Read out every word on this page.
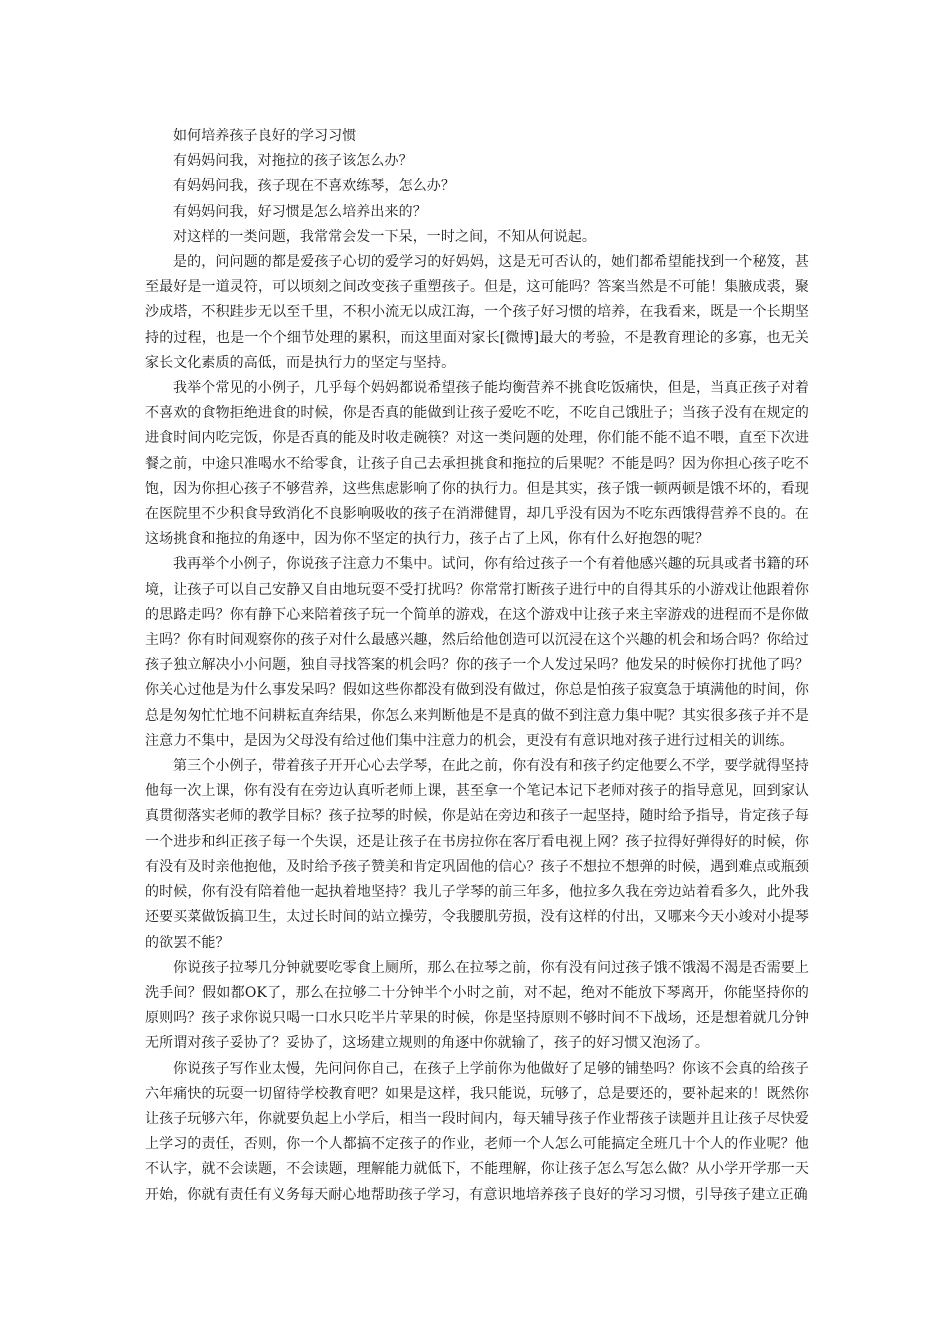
如何培养孩子良好的学习习惯

有妈妈问我，对拖拉的孩子该怎么办？

有妈妈问我，孩子现在不喜欢练琴，怎么办？

有妈妈问我，好习惯是怎么培养出来的？

对这样的一类问题，我常常会发一下呆，一时之间，不知从何说起。

是的，问问题的都是爱孩子心切的爱学习的好妈妈，这是无可否认的，她们都希望能找到一个秘笈，甚至最好是一道灵符，可以顷刻之间改变孩子重塑孩子。但是，这可能吗？答案当然是不可能！集腋成裘，聚沙成塔，不积跬步无以至千里，不积小流无以成江海，一个孩子好习惯的培养，在我看来，既是一个长期坚持的过程，也是一个个细节处理的累积，而这里面对家长[微博]最大的考验，不是教育理论的多寡，也无关家长文化素质的高低，而是执行力的坚定与坚持。

我举个常见的小例子，几乎每个妈妈都说希望孩子能均衡营养不挑食吃饭痛快，但是，当真正孩子对着不喜欢的食物拒绝进食的时候，你是否真的能做到让孩子爱吃不吃，不吃自己饿肚子；当孩子没有在规定的进食时间内吃完饭，你是否真的能及时收走碗筷？对这一类问题的处理，你们能不能不追不喂，直至下次进餐之前，中途只准喝水不给零食，让孩子自己去承担挑食和拖拉的后果呢？不能是吗？因为你担心孩子吃不饱，因为你担心孩子不够营养，这些焦虑影响了你的执行力。但是其实，孩子饿一顿两顿是饿不坏的，看现在医院里不少积食导致消化不良影响吸收的孩子在消滞健胃，却几乎没有因为不吃东西饿得营养不良的。在这场挑食和拖拉的角逐中，因为你不坚定的执行力，孩子占了上风，你有什么好抱怨的呢？

我再举个小例子，你说孩子注意力不集中。试问，你有给过孩子一个有着他感兴趣的玩具或者书籍的环境，让孩子可以自己安静又自由地玩耍不受打扰吗？你常常打断孩子进行中的自得其乐的小游戏让他跟着你的思路走吗？你有静下心来陪着孩子玩一个简单的游戏，在这个游戏中让孩子来主宰游戏的进程而不是你做主吗？你有时间观察你的孩子对什么最感兴趣，然后给他创造可以沉浸在这个兴趣的机会和场合吗？你给过孩子独立解决小小问题，独自寻找答案的机会吗？你的孩子一个人发过呆吗？他发呆的时候你打扰他了吗？你关心过他是为什么事发呆吗？假如这些你都没有做到没有做过，你总是怕孩子寂寞急于填满他的时间，你总是匆匆忙忙地不问耕耘直奔结果，你怎么来判断他是不是真的做不到注意力集中呢？其实很多孩子并不是注意力不集中，是因为父母没有给过他们集中注意力的机会，更没有有意识地对孩子进行过相关的训练。

第三个小例子，带着孩子开开心心去学琴，在此之前，你有没有和孩子约定他要么不学，要学就得坚持他每一次上课，你有没有在旁边认真听老师上课，甚至拿一个笔记本记下老师对孩子的指导意见，回到家认真贯彻落实老师的教学目标？孩子拉琴的时候，你是站在旁边和孩子一起坚持，随时给予指导，肯定孩子每一个进步和纠正孩子每一个失误，还是让孩子在书房拉你在客厅看电视上网？孩子拉得好弹得好的时候，你有没有及时亲他抱他，及时给予孩子赞美和肯定巩固他的信心？孩子不想拉不想弹的时候，遇到难点或瓶颈的时候，你有没有陪着他一起执着地坚持？我儿子学琴的前三年多，他拉多久我在旁边站着看多久，此外我还要买菜做饭搞卫生，太过长时间的站立操劳，令我腰肌劳损，没有这样的付出，又哪来今天小竣对小提琴的欲罢不能？

你说孩子拉琴几分钟就要吃零食上厕所，那么在拉琴之前，你有没有问过孩子饿不饿渴不渴是否需要上洗手间？假如都OK了，那么在拉够二十分钟半个小时之前，对不起，绝对不能放下琴离开，你能坚持你的原则吗？孩子求你说只喝一口水只吃半片苹果的时候，你是坚持原则不够时间不下战场，还是想着就几分钟无所谓对孩子妥协了？妥协了，这场建立规则的角逐中你就输了，孩子的好习惯又泡汤了。

你说孩子写作业太慢，先问问你自己，在孩子上学前你为他做好了足够的铺垫吗？你该不会真的给孩子六年痛快的玩耍一切留待学校教育吧？如果是这样，我只能说，玩够了，总是要还的，要补起来的！既然你让孩子玩够六年，你就要负起上小学后，相当一段时间内，每天辅导孩子作业帮孩子读题并且让孩子尽快爱上学习的责任，否则，你一个人都搞不定孩子的作业，老师一个人怎么可能搞定全班几十个人的作业呢？他不认字，就不会读题，不会读题，理解能力就低下，不能理解，你让孩子怎么写怎么做？从小学开学那一天开始，你就有责任有义务每天耐心地帮助孩子学习，有意识地培养孩子良好的学习习惯，引导孩子建立正确
